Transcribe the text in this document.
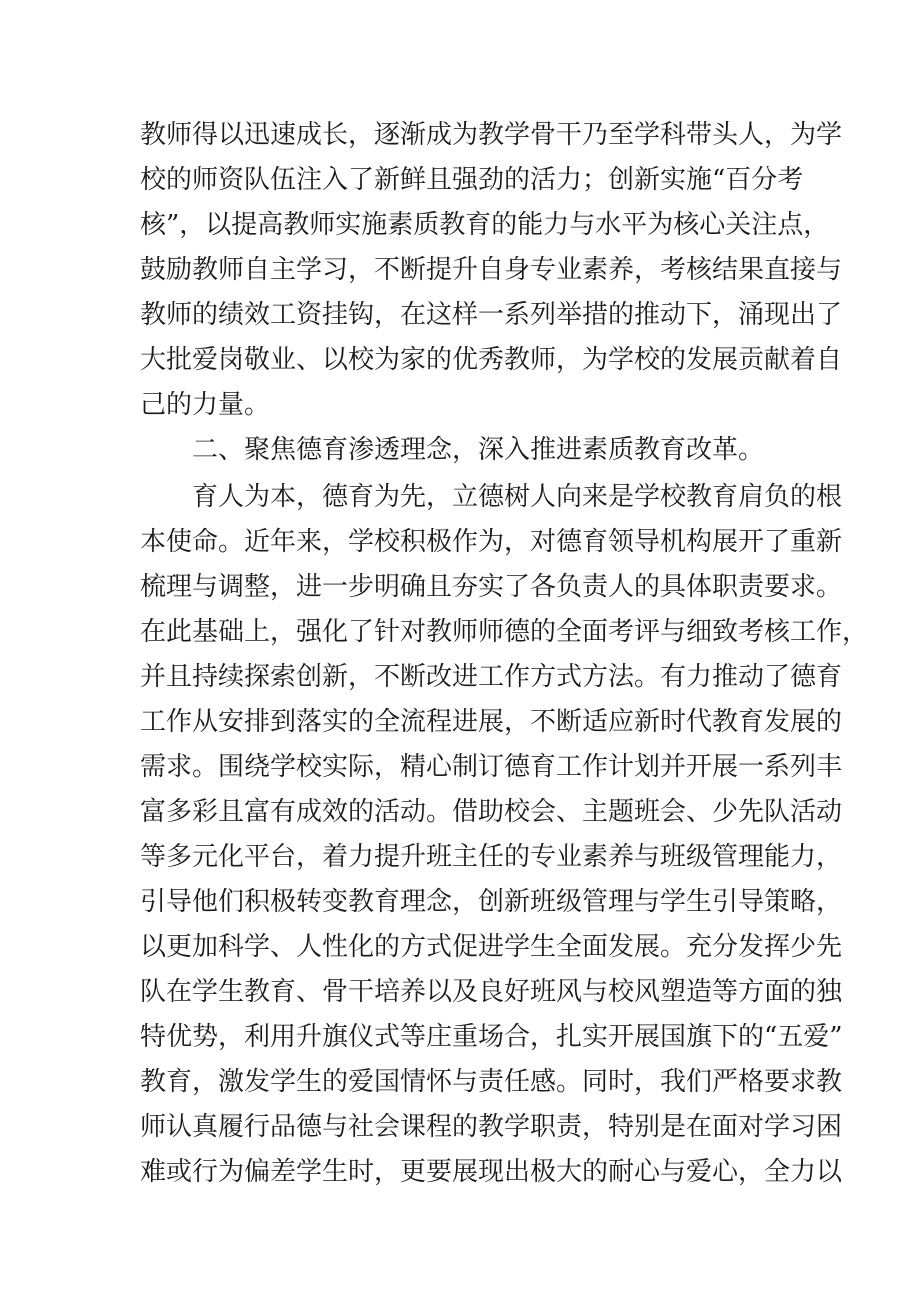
教师得以迅速成长，逐渐成为教学骨干乃至学科带头人，为学
校的师资队伍注入了新鲜且强劲的活力；创新实施“百分考
核”，以提高教师实施素质教育的能力与水平为核心关注点，
鼓励教师自主学习，不断提升自身专业素养，考核结果直接与
教师的绩效工资挂钩，在这样一系列举措的推动下，涌现出了
大批爱岗敬业、以校为家的优秀教师，为学校的发展贡献着自
己的力量。
二、聚焦德育渗透理念，深入推进素质教育改革。
育人为本，德育为先，立德树人向来是学校教育肩负的根
本使命。近年来，学校积极作为，对德育领导机构展开了重新
梳理与调整，进一步明确且夯实了各负责人的具体职责要求。
在此基础上，强化了针对教师师德的全面考评与细致考核工作，
并且持续探索创新，不断改进工作方式方法。有力推动了德育
工作从安排到落实的全流程进展，不断适应新时代教育发展的
需求。围绕学校实际，精心制订德育工作计划并开展一系列丰
富多彩且富有成效的活动。借助校会、主题班会、少先队活动
等多元化平台，着力提升班主任的专业素养与班级管理能力，
引导他们积极转变教育理念，创新班级管理与学生引导策略，
以更加科学、人性化的方式促进学生全面发展。充分发挥少先
队在学生教育、骨干培养以及良好班风与校风塑造等方面的独
特优势，利用升旗仪式等庄重场合，扎实开展国旗下的“五爱”
教育，激发学生的爱国情怀与责任感。同时，我们严格要求教
师认真履行品德与社会课程的教学职责，特别是在面对学习困
难或行为偏差学生时，更要展现出极大的耐心与爱心，全力以
